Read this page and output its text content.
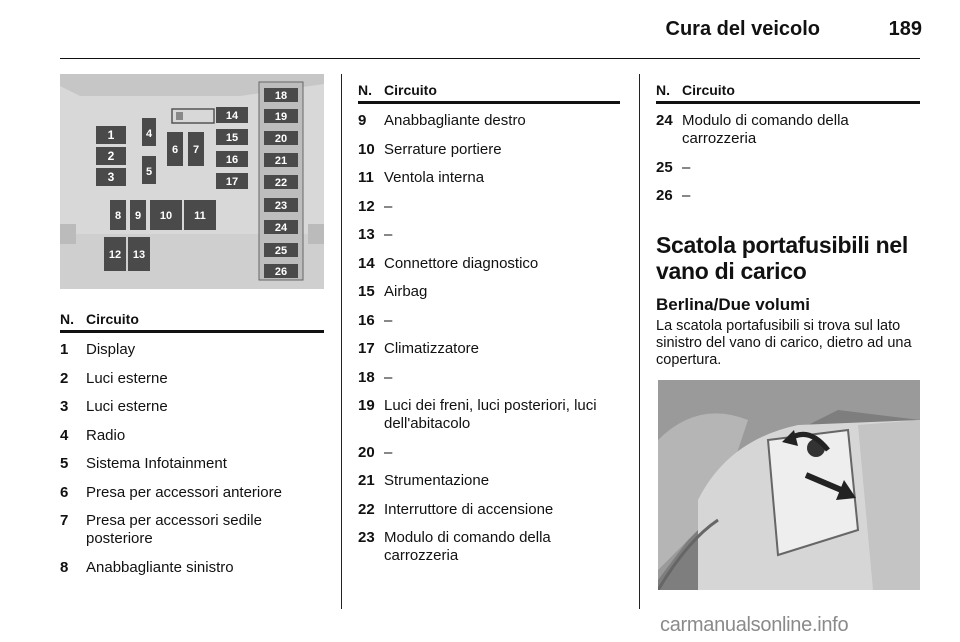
Cura del veicolo	189
1
2
3
4
5
6 7
14
15
16
17
8 9 10 11
12 13
18
19
20
21
22
23
24
25
26
N. Circuito
1	Display
2	Luci esterne
3	Luci esterne
4	Radio
5	Sistema Infotainment
6	Presa per accessori anteriore
7	Presa per accessori sedile posteriore
8	Anabbagliante sinistro
N. Circuito
9	Anabbagliante destro
10 Serrature portiere
11 Ventola interna
12 –
13 –
14 Connettore diagnostico
15 Airbag
16 –
17 Climatizzatore
18 –
19 Luci dei freni, luci posteriori, luci dell'abitacolo
20 –
21 Strumentazione
22 Interruttore di accensione
23 Modulo di comando della carrozzeria
N. Circuito
24 Modulo di comando della carrozzeria
25 –
26 –
Scatola portafusibili nel vano di carico
Berlina/Due volumi
La scatola portafusibili si trova sul lato sinistro del vano di carico, dietro ad una copertura.
carmanualsonline.info
